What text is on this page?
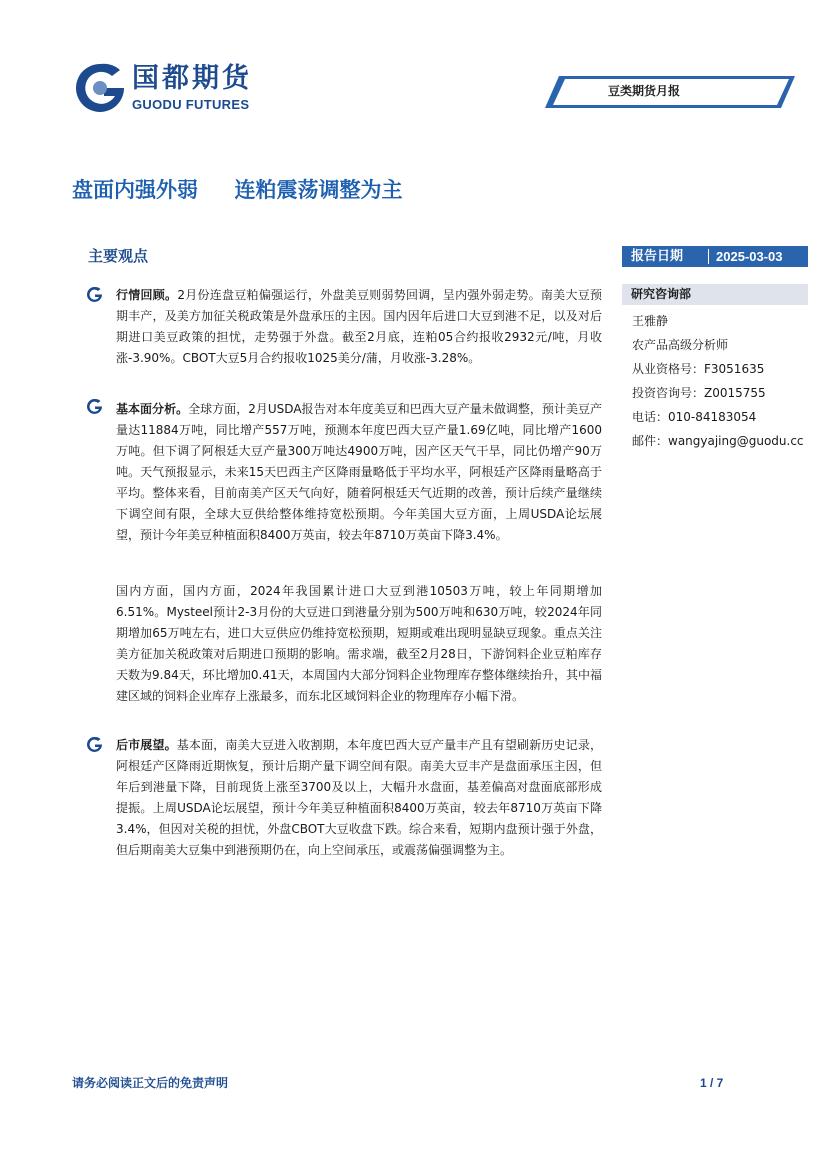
国都期货
GUODU FUTURES
豆类期货月报
盘面内强外弱     连粕震荡调整为主
主要观点	报告日期	2025-03-03
研究咨询部
王雅静
农产品高级分析师
从业资格号：F3051635
投资咨询号：Z0015755
电话：010-84183054
邮件：wangyajing@guodu.cc
行情回顾。2月份连盘豆粕偏强运行，外盘美豆则弱势回调，呈内强外弱走势。南美大豆预期丰产，及美方加征关税政策是外盘承压的主因。国内因年后进口大豆到港不足，以及对后期进口美豆政策的担忧，走势强于外盘。截至2月底，连粕05合约报收2932元/吨，月收涨-3.90%。CBOT大豆5月合约报收1025美分/蒲，月收涨-3.28%。
基本面分析。全球方面，2月USDA报告对本年度美豆和巴西大豆产量未做调整，预计美豆产量达11884万吨，同比增产557万吨，预测本年度巴西大豆产量1.69亿吨，同比增产1600万吨。但下调了阿根廷大豆产量300万吨达4900万吨，因产区天气干旱，同比仍增产90万吨。天气预报显示，未来15天巴西主产区降雨量略低于平均水平，阿根廷产区降雨量略高于平均。整体来看，目前南美产区天气向好，随着阿根廷天气近期的改善，预计后续产量继续下调空间有限，全球大豆供给整体维持宽松预期。今年美国大豆方面，上周USDA论坛展望，预计今年美豆种植面积8400万英亩，较去年8710万英亩下降3.4%。
国内方面，国内方面，2024年我国累计进口大豆到港10503万吨，较上年同期增加6.51%。Mysteel预计2-3月份的大豆进口到港量分别为500万吨和630万吨，较2024年同期增加65万吨左右，进口大豆供应仍维持宽松预期，短期或难出现明显缺豆现象。重点关注美方征加关税政策对后期进口预期的影响。需求端，截至2月28日，下游饲料企业豆粕库存天数为9.84天，环比增加0.41天，本周国内大部分饲料企业物理库存整体继续抬升，其中福建区域的饲料企业库存上涨最多，而东北区域饲料企业的物理库存小幅下滑。
后市展望。基本面，南美大豆进入收割期，本年度巴西大豆产量丰产且有望刷新历史记录，阿根廷产区降雨近期恢复，预计后期产量下调空间有限。南美大豆丰产是盘面承压主因，但年后到港量下降，目前现货上涨至3700及以上，大幅升水盘面，基差偏高对盘面底部形成提振。上周USDA论坛展望，预计今年美豆种植面积8400万英亩，较去年8710万英亩下降3.4%，但因对关税的担忧，外盘CBOT大豆收盘下跌。综合来看，短期内盘预计强于外盘，但后期南美大豆集中到港预期仍在，向上空间承压，或震荡偏强调整为主。
请务必阅读正文后的免责声明	1 / 7
